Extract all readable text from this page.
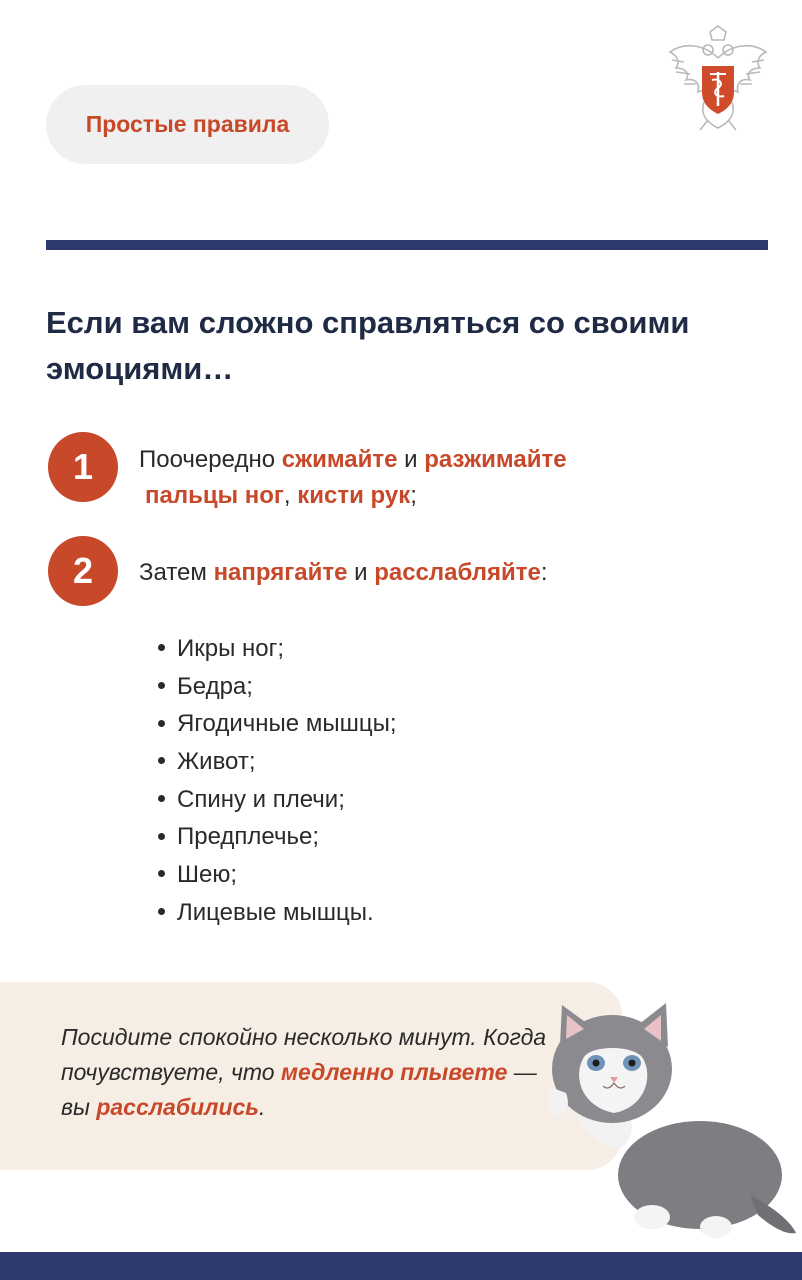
Простые правила

Если вам сложно справляться со своими эмоциями…

1 Поочередно сжимайте и разжимайте
пальцы ног, кисти рук;
2 Затем напрягайте и расслабляйте:
Икры ног;
Бедра;
Ягодичные мышцы;
Живот;
Спину и плечи;
Предплечье;
Шею;
Лицевые мышцы.
Посидите спокойно несколько минут. Когда почувствуете, что медленно плывете — вы расслабились.
